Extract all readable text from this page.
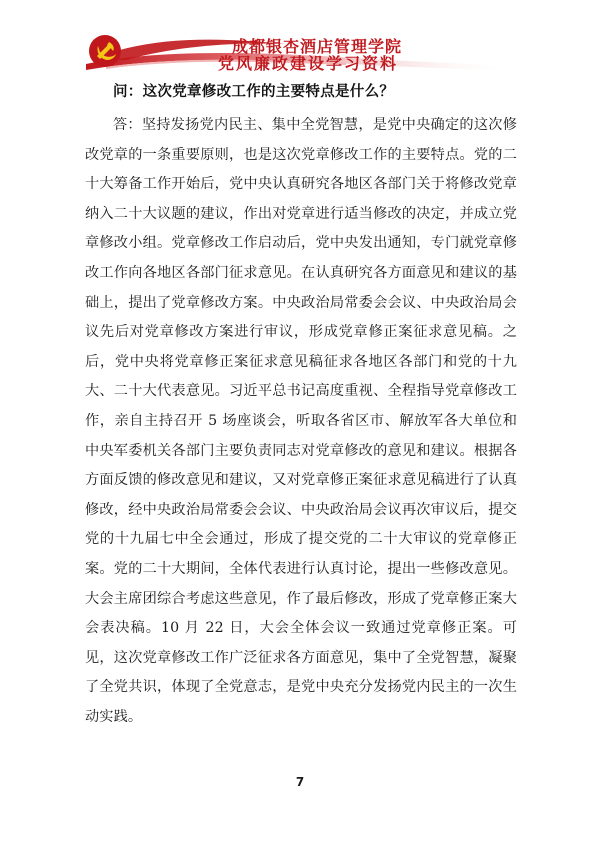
成都银杏酒店管理学院
党风廉政建设学习资料
问：这次党章修改工作的主要特点是什么？

答：坚持发扬党内民主、集中全党智慧，是党中央确定的这次修改党章的一条重要原则，也是这次党章修改工作的主要特点。党的二十大筹备工作开始后，党中央认真研究各地区各部门关于将修改党章纳入二十大议题的建议，作出对党章进行适当修改的决定，并成立党章修改小组。党章修改工作启动后，党中央发出通知，专门就党章修改工作向各地区各部门征求意见。在认真研究各方面意见和建议的基础上，提出了党章修改方案。中央政治局常委会会议、中央政治局会议先后对党章修改方案进行审议，形成党章修正案征求意见稿。之后，党中央将党章修正案征求意见稿征求各地区各部门和党的十九大、二十大代表意见。习近平总书记高度重视、全程指导党章修改工作，亲自主持召开 5 场座谈会，听取各省区市、解放军各大单位和中央军委机关各部门主要负责同志对党章修改的意见和建议。根据各方面反馈的修改意见和建议，又对党章修正案征求意见稿进行了认真修改，经中央政治局常委会会议、中央政治局会议再次审议后，提交党的十九届七中全会通过，形成了提交党的二十大审议的党章修正案。党的二十大期间，全体代表进行认真讨论，提出一些修改意见。大会主席团综合考虑这些意见，作了最后修改，形成了党章修正案大会表决稿。10 月 22 日，大会全体会议一致通过党章修正案。可见，这次党章修改工作广泛征求各方面意见，集中了全党智慧，凝聚了全党共识，体现了全党意志，是党中央充分发扬党内民主的一次生动实践。

7
